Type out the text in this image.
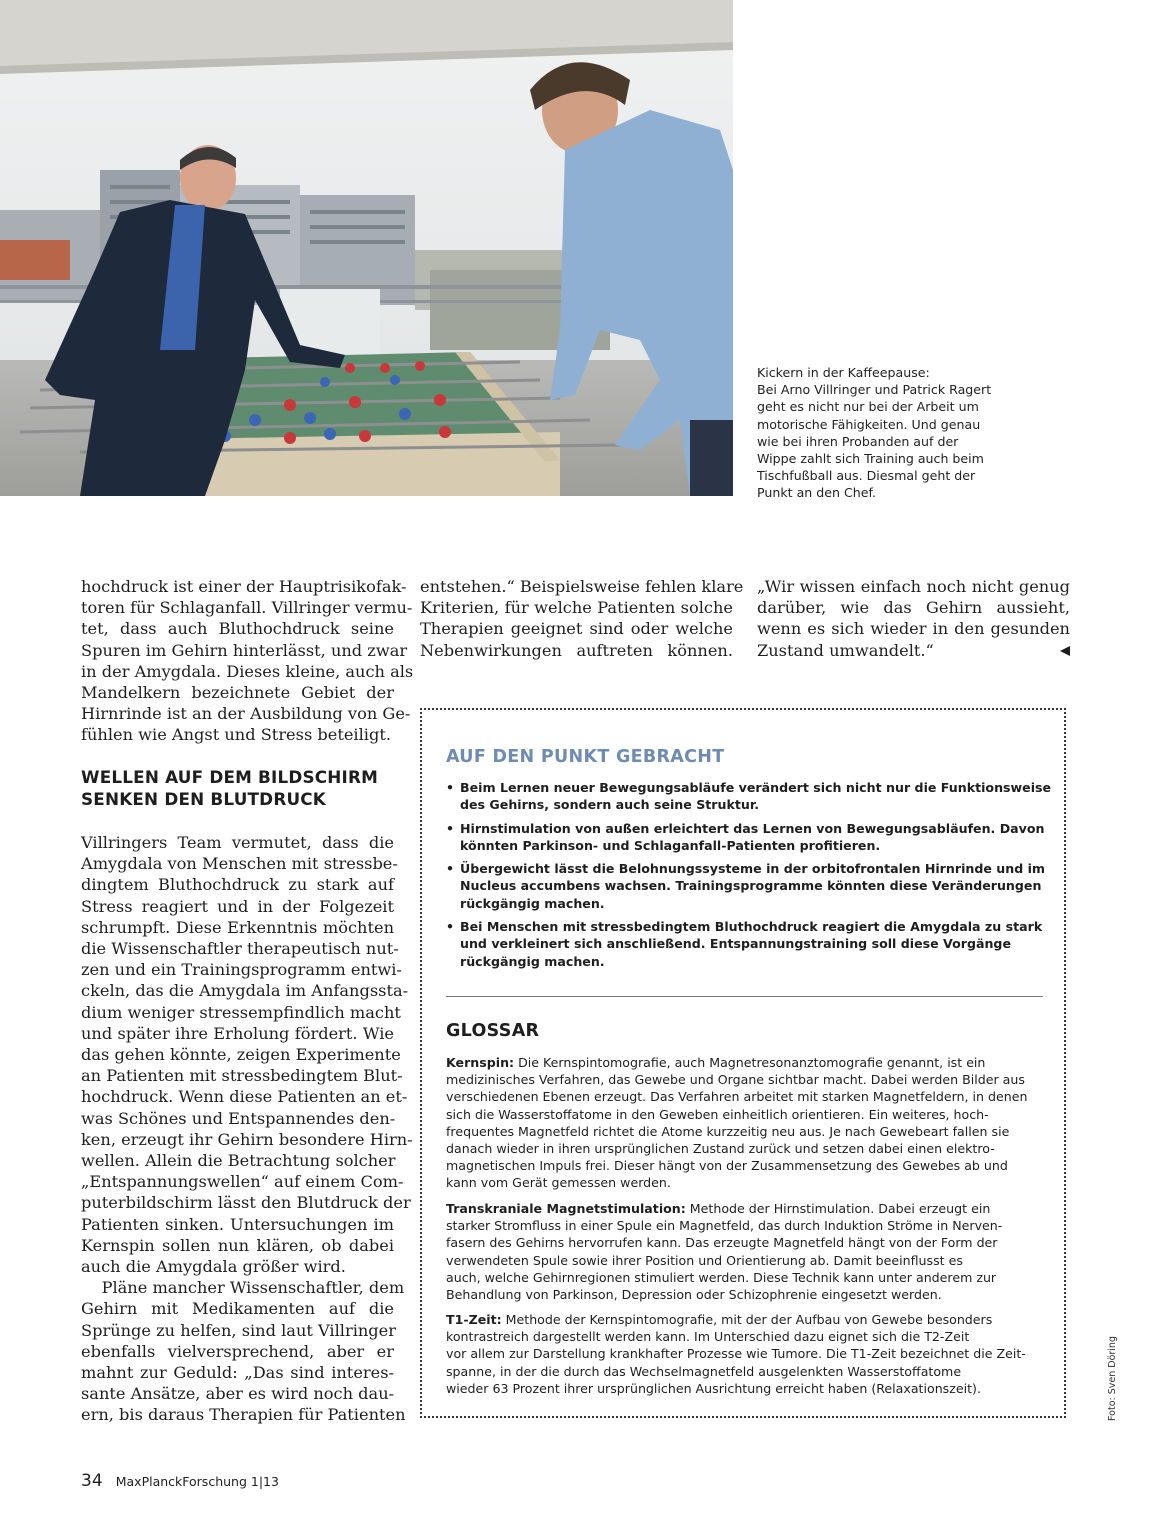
Kickern in der Kaffeepause:
Bei Arno Villringer und Patrick Ragert
geht es nicht nur bei der Arbeit um
motorische Fähigkeiten. Und genau
wie bei ihren Probanden auf der
Wippe zahlt sich Training auch beim
Tischfußball aus. Diesmal geht der
Punkt an den Chef.

hochdruck ist einer der Hauptrisikofak-
toren für Schlaganfall. Villringer vermu-
tet, dass auch Bluthochdruck seine
Spuren im Gehirn hinterlässt, und zwar
in der Amygdala. Dieses kleine, auch als
Mandelkern bezeichnete Gebiet der
Hirnrinde ist an der Ausbildung von Ge-
fühlen wie Angst und Stress beteiligt.

WELLEN AUF DEM BILDSCHIRM
SENKEN DEN BLUTDRUCK

Villringers Team vermutet, dass die
Amygdala von Menschen mit stressbe-
dingtem Bluthochdruck zu stark auf
Stress reagiert und in der Folgezeit
schrumpft. Diese Erkenntnis möchten
die Wissenschaftler therapeutisch nut-
zen und ein Trainingsprogramm entwi-
ckeln, das die Amygdala im Anfangssta-
dium weniger stressempfindlich macht
und später ihre Erholung fördert. Wie
das gehen könnte, zeigen Experimente
an Patienten mit stressbedingtem Blut-
hochdruck. Wenn diese Patienten an et-
was Schönes und Entspannendes den-
ken, erzeugt ihr Gehirn besondere Hirn-
wellen. Allein die Betrachtung solcher
„Entspannungswellen“ auf einem Com-
puterbildschirm lässt den Blutdruck der
Patienten sinken. Untersuchungen im
Kernspin sollen nun klären, ob dabei
auch die Amygdala größer wird.
Pläne mancher Wissenschaftler, dem
Gehirn mit Medikamenten auf die
Sprünge zu helfen, sind laut Villringer
ebenfalls vielversprechend, aber er
mahnt zur Geduld: „Das sind interes-
sante Ansätze, aber es wird noch dau-
ern, bis daraus Therapien für Patienten

entstehen.“ Beispielsweise fehlen klare
Kriterien, für welche Patienten solche
Therapien geeignet sind oder welche
Nebenwirkungen auftreten können.

„Wir wissen einfach noch nicht genug
darüber, wie das Gehirn aussieht,
wenn es sich wieder in den gesunden
Zustand umwandelt.“

AUF DEN PUNKT GEBRACHT
• Beim Lernen neuer Bewegungsabläufe verändert sich nicht nur die Funktionsweise
des Gehirns, sondern auch seine Struktur.
• Hirnstimulation von außen erleichtert das Lernen von Bewegungsabläufen. Davon
könnten Parkinson- und Schlaganfall-Patienten profitieren.
• Übergewicht lässt die Belohnungssysteme in der orbitofrontalen Hirnrinde und im
Nucleus accumbens wachsen. Trainingsprogramme könnten diese Veränderungen
rückgängig machen.
• Bei Menschen mit stressbedingtem Bluthochdruck reagiert die Amygdala zu stark
und verkleinert sich anschließend. Entspannungstraining soll diese Vorgänge
rückgängig machen.
GLOSSAR

Kernspin: Die Kernspintomografie, auch Magnetresonanztomografie genannt, ist ein
medizinisches Verfahren, das Gewebe und Organe sichtbar macht. Dabei werden Bilder aus
verschiedenen Ebenen erzeugt. Das Verfahren arbeitet mit starken Magnetfeldern, in denen
sich die Wasserstoffatome in den Geweben einheitlich orientieren. Ein weiteres, hoch-
frequentes Magnetfeld richtet die Atome kurzzeitig neu aus. Je nach Gewebeart fallen sie
danach wieder in ihren ursprünglichen Zustand zurück und setzen dabei einen elektro-
magnetischen Impuls frei. Dieser hängt von der Zusammensetzung des Gewebes ab und
kann vom Gerät gemessen werden.

Transkraniale Magnetstimulation: Methode der Hirnstimulation. Dabei erzeugt ein
starker Stromfluss in einer Spule ein Magnetfeld, das durch Induktion Ströme in Nerven-
fasern des Gehirns hervorrufen kann. Das erzeugte Magnetfeld hängt von der Form der
verwendeten Spule sowie ihrer Position und Orientierung ab. Damit beeinflusst es
auch, welche Gehirnregionen stimuliert werden. Diese Technik kann unter anderem zur
Behandlung von Parkinson, Depression oder Schizophrenie eingesetzt werden.

T1-Zeit: Methode der Kernspintomografie, mit der der Aufbau von Gewebe besonders
kontrastreich dargestellt werden kann. Im Unterschied dazu eignet sich die T2-Zeit
vor allem zur Darstellung krankhafter Prozesse wie Tumore. Die T1-Zeit bezeichnet die Zeit-
spanne, in der die durch das Wechselmagnetfeld ausgelenkten Wasserstoffatome
wieder 63 Prozent ihrer ursprünglichen Ausrichtung erreicht haben (Relaxationszeit).	Foto: Sven Döring

34 MaxPlanckForschung 1|13
